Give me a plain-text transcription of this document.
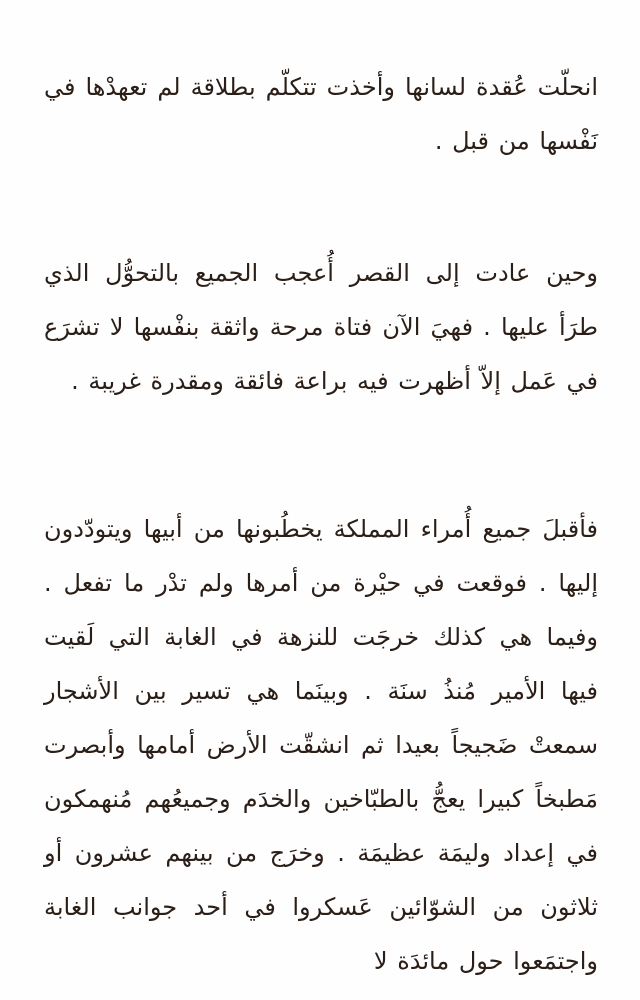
انحلّت عُقدة لسانها وأخذت تتكلّم بطلاقة لم تعهدْها في نَفْسها من قبل .

وحين عادت إلى القصر أُعجب الجميع بالتحوُّل الذي طرَأ عليها . فهيَ الآن فتاة مرحة واثقة بنفْسها لا تشرَع في عَمل إلاّ أظهرت فيه براعة فائقة ومقدرة غريبة .

فأقبلَ جميع أُمراء المملكة يخطُبونها من أبيها ويتودّدون إليها . فوقعت في حيْرة من أمرها ولم تدْر ما تفعل . وفيما هي كذلك خرجَت للنزهة في الغابة التي لَقيت فيها الأمير مُنذُ سنَة . وبينَما هي تسير بين الأشجار سمعتْ ضَجيجاً بعيدا ثم انشقّت الأرض أمامها وأبصرت مَطبخاً كبيرا يعجُّ بالطبّاخين والخدَم وجميعُهم مُنهمكون في إعداد وليمَة عظيمَة . وخرَج من بينهم عشرون أو ثلاثون من الشوّائين عَسكروا في أحد جوانب الغابة واجتمَعوا حول مائدَة لا
